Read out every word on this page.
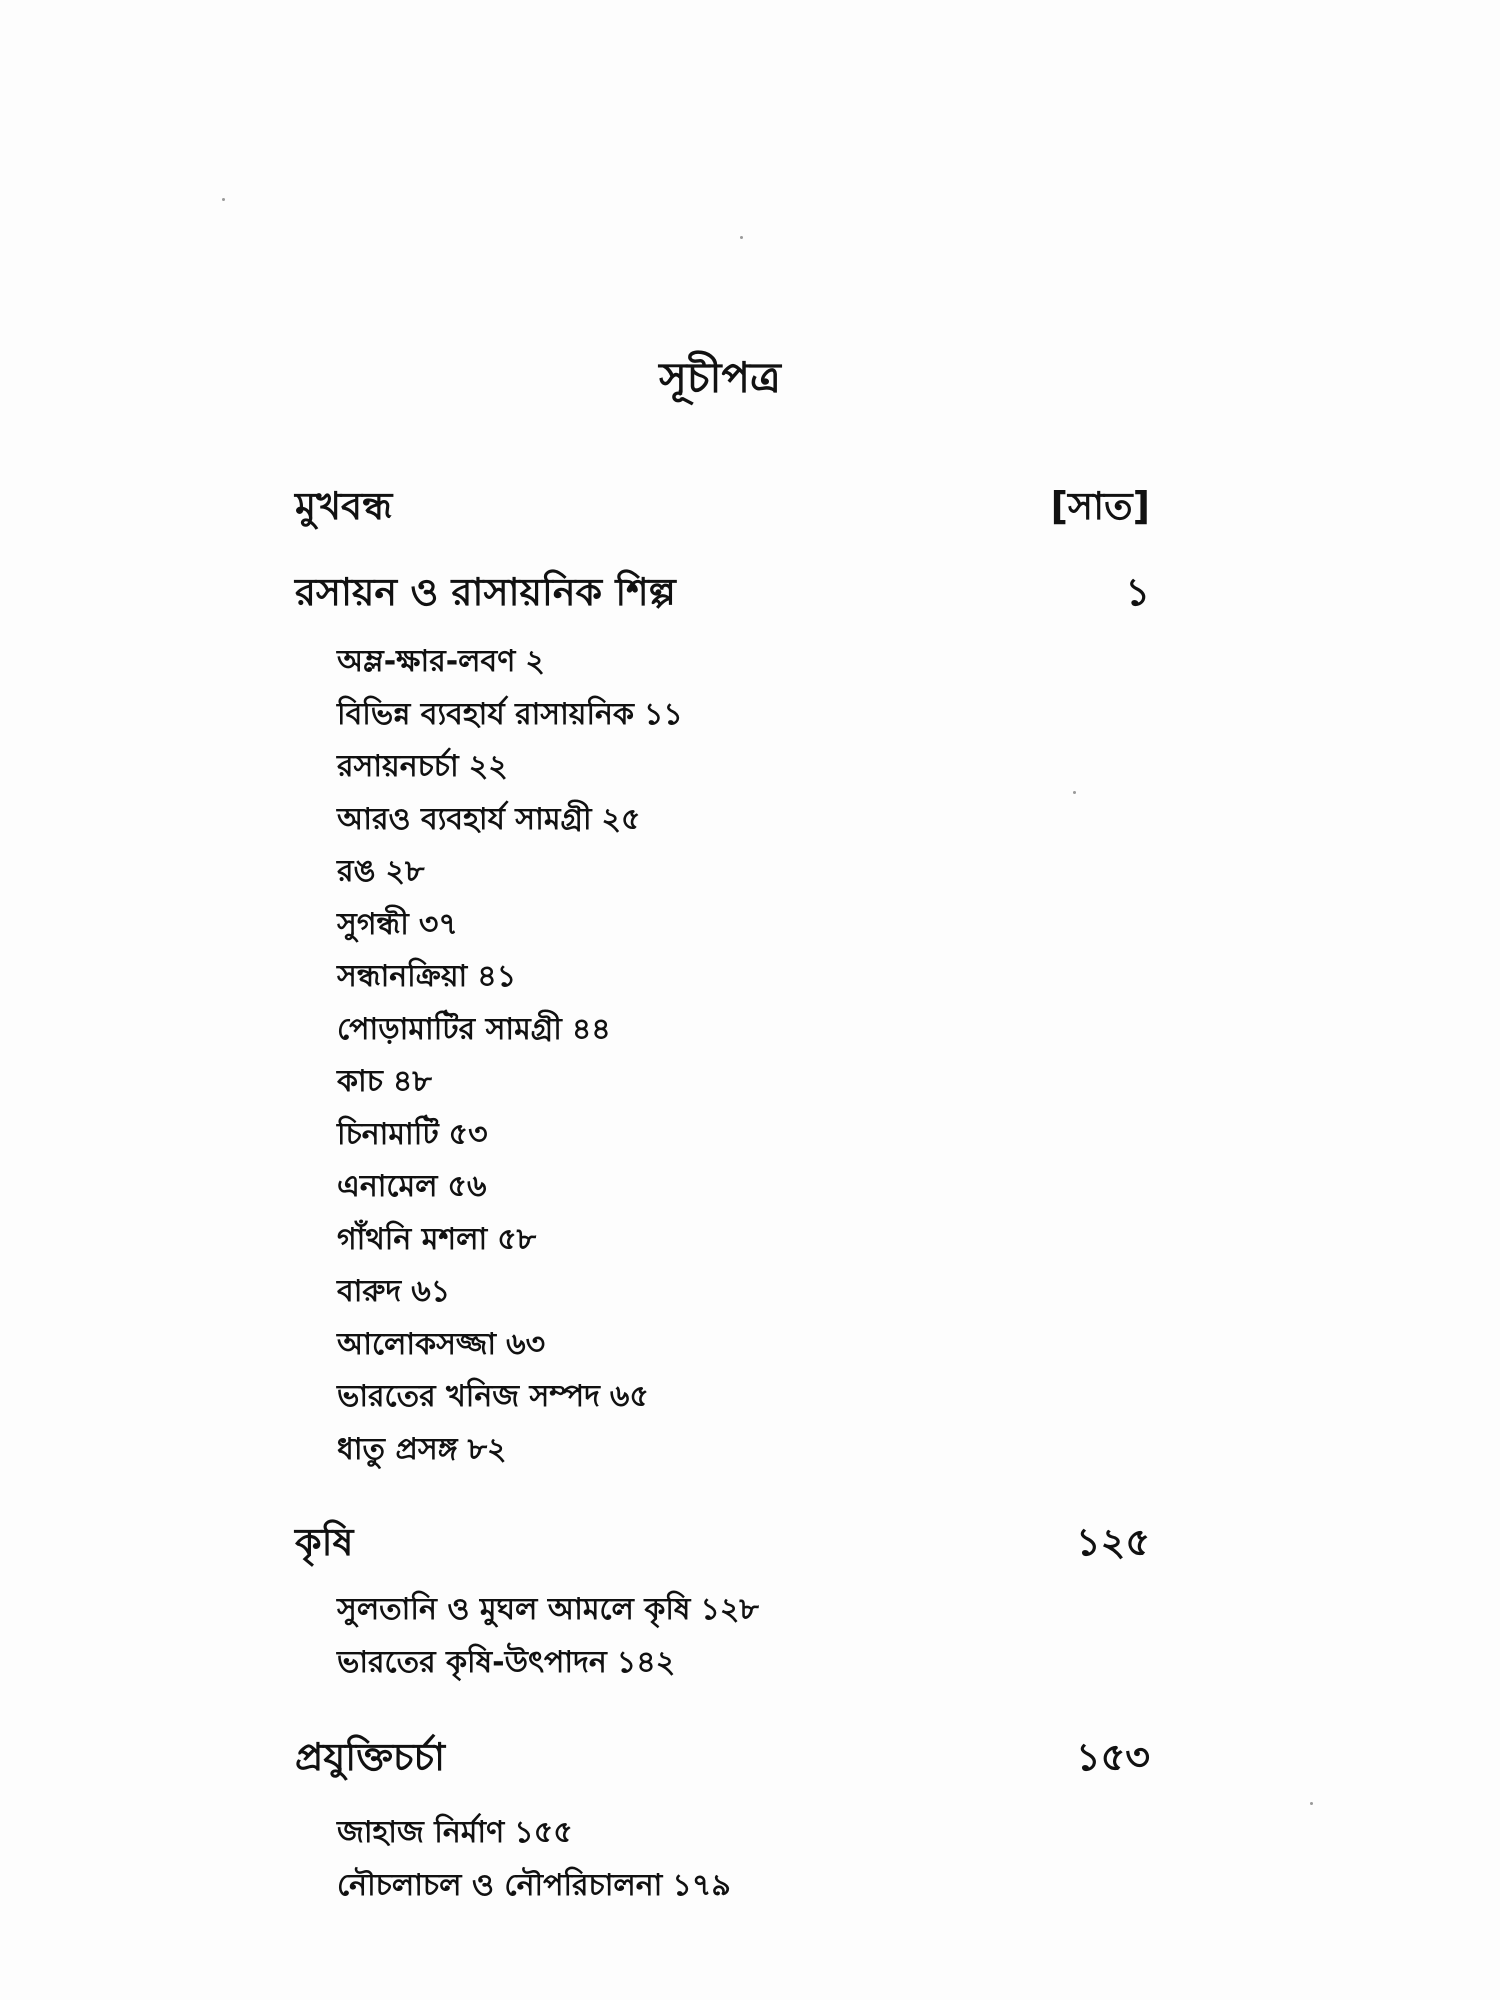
সূচীপত্র
মুখবন্ধ	[সাত]
রসায়ন ও রাসায়নিক শিল্প	১
অম্ল-ক্ষার-লবণ ২
বিভিন্ন ব্যবহার্য রাসায়নিক ১১
রসায়নচর্চা ২২
আরও ব্যবহার্য সামগ্রী ২৫
রঙ ২৮
সুগন্ধী ৩৭
সন্ধানক্রিয়া ৪১
পোড়ামাটির সামগ্রী ৪৪
কাচ ৪৮
চিনামাটি ৫৩
এনামেল ৫৬
গাঁথনি মশলা ৫৮
বারুদ ৬১
আলোকসজ্জা ৬৩
ভারতের খনিজ সম্পদ ৬৫
ধাতু প্রসঙ্গ ৮২
কৃষি	১২৫
সুলতানি ও মুঘল আমলে কৃষি ১২৮
ভারতের কৃষি-উৎপাদন ১৪২
প্রযুক্তিচর্চা	১৫৩
জাহাজ নির্মাণ ১৫৫
নৌচলাচল ও নৌপরিচালনা ১৭৯
